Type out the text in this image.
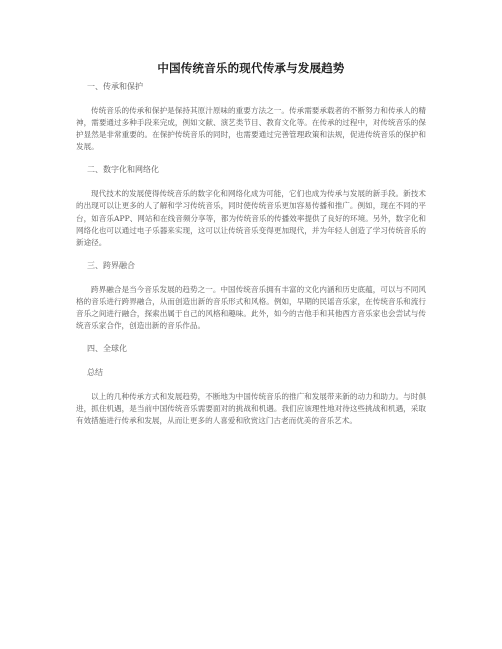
中国传统音乐的现代传承与发展趋势
一、传承和保护
传统音乐的传承和保护是保持其原汁原味的重要方法之一。传承需要承载者的不断努力和传承人的精神，需要通过多种手段来完成，例如文献、演艺类节目、教育文化等。在传承的过程中，对传统音乐的保护显然是非常重要的。在保护传统音乐的同时，也需要通过完善管理政策和法规，促进传统音乐的保护和发展。
二、数字化和网络化
现代技术的发展使得传统音乐的数字化和网络化成为可能，它们也成为传承与发展的新手段。新技术的出现可以让更多的人了解和学习传统音乐，同时使传统音乐更加容易传播和推广。例如，现在不同的平台，如音乐APP、网站和在线音频分享等，都为传统音乐的传播效率提供了良好的环境。另外，数字化和网络化也可以通过电子乐器来实现，这可以让传统音乐变得更加现代，并为年轻人创造了学习传统音乐的新途径。
三、跨界融合
跨界融合是当今音乐发展的趋势之一。中国传统音乐拥有丰富的文化内涵和历史底蕴，可以与不同风格的音乐进行跨界融合，从而创造出新的音乐形式和风格。例如，早期的民谣音乐家，在传统音乐和流行音乐之间进行融合，探索出属于自己的风格和趣味。此外，如今的吉他手和其他西方音乐家也会尝试与传统音乐家合作，创造出新的音乐作品。
四、全球化
总结
以上的几种传承方式和发展趋势，不断地为中国传统音乐的推广和发展带来新的动力和助力。与时俱进，抓住机遇，是当前中国传统音乐需要面对的挑战和机遇。我们应该理性地对待这些挑战和机遇，采取有效措施进行传承和发展，从而让更多的人喜爱和欣赏这门古老而优美的音乐艺术。
